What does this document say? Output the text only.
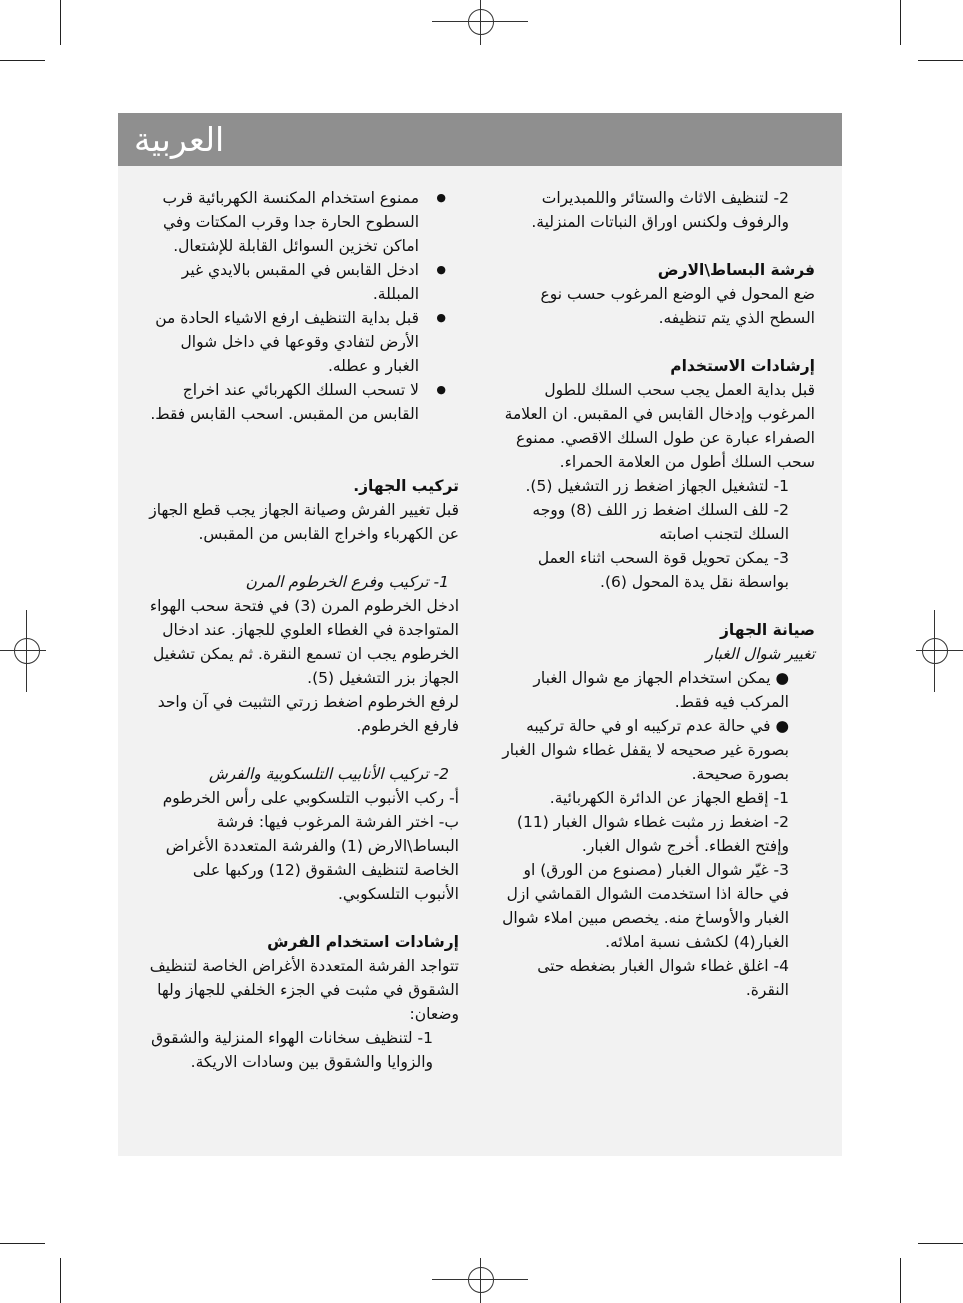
العربية

2- لتنظيف الاثاث والستائر واللمبديرات والرفوف ولكنس اوراق النباتات المنزلية.

فرشة البساط\الارض

ضع المحول في الوضع المرغوب حسب نوع السطح الذي يتم تنظيفه.

إرشادات الاستخدام

قبل بداية العمل يجب سحب السلك للطول المرغوب وإدخال القابس في المقبس. ان العلامة الصفراء عبارة عن طول السلك الاقصي. ممنوع سحب السلك أطول من العلامة الحمراء.

1- لتشغيل الجهاز اضغط زر التشغيل (5).

2- للف السلك اضغط زر اللف (8) ووجه السلك لتجنب اصابته

3- يمكن تحويل قوة السحب اثناء العمل بواسطة نقل يدة المحول (6).

صيانة الجهاز

تغيير شوال الغبار

● يمكن استخدام الجهاز مع شوال الغبار المركب فيه فقط.

● في حالة عدم تركيبه او في حالة تركيبه بصورة غير صحيحه لا يقفل غطاء شوال الغبار بصورة صحيحة.

1- إقطع الجهاز عن الدائرة الكهربائية.

2- اضغط زر مثبت غطاء شوال الغبار (11) وإفتح الغطاء. أخرج شوال الغبار.

3- غيّر شوال الغبار (مصنوع من الورق) او في حالة اذا استخدمت الشوال القماشي ازل الغبار والأوساخ منه. يخصص مبين املاء شوال الغبار(4) لكشف نسبة املائه.

4- اغلق غطاء شوال الغبار بضغطه حتى النقرة.

● ممنوع استخدام المكنسة الكهربائية قرب السطوح الحارة جدا وقرب المكتات وفي اماكن تخزين السوائل القابلة للإشتعال.

● ادخل القابس في المقبس بالايدي غير المبللة.

● قبل بداية التنظيف ارفع الاشياء الحادة من الأرض لتفادي وقوعها في داخل شوال الغبار و عطله.

● لا تسحب السلك الكهربائي عند اخراج القابس من المقبس. اسحب القابس فقط.

تركيب الجهاز.

قبل تغيير الفرش وصيانة الجهاز يجب قطع الجهاز عن الكهرباء واخراج القابس من المقبس.

1- تركيب وفرع الخرطوم المرن

ادخل الخرطوم المرن (3) في فتحة سحب الهواء المتواجدة في الغطاء العلوي للجهاز. عند ادخال الخرطوم يجب ان تسمع النقرة. ثم يمكن تشغيل الجهاز بزر التشغيل (5).

لرفع الخرطوم اضغط زرتي التثبيت في آن واحد فارفع الخرطوم.

2- تركيب الأنابيب التلسكوبية والفرش

أ- ركب الأنبوب التلسكوبي على رأس الخرطوم

ب- اختر الفرشة المرغوب فيها: فرشة البساط\الارض (1) والفرشة المتعددة الأغراض الخاصة لتنظيف الشقوق (12) وركبها على الأنبوب التلسكوبي.

إرشادات استخدام الفرش

تتواجد الفرشة المتعددة الأغراض الخاصة لتنظيف الشقوق في مثبت في الجزء الخلفي للجهاز ولها وضعان:

1- لتنظيف سخانات الهواء المنزلية والشقوق والزوايا والشقوق بين وسادات الاريكة.
